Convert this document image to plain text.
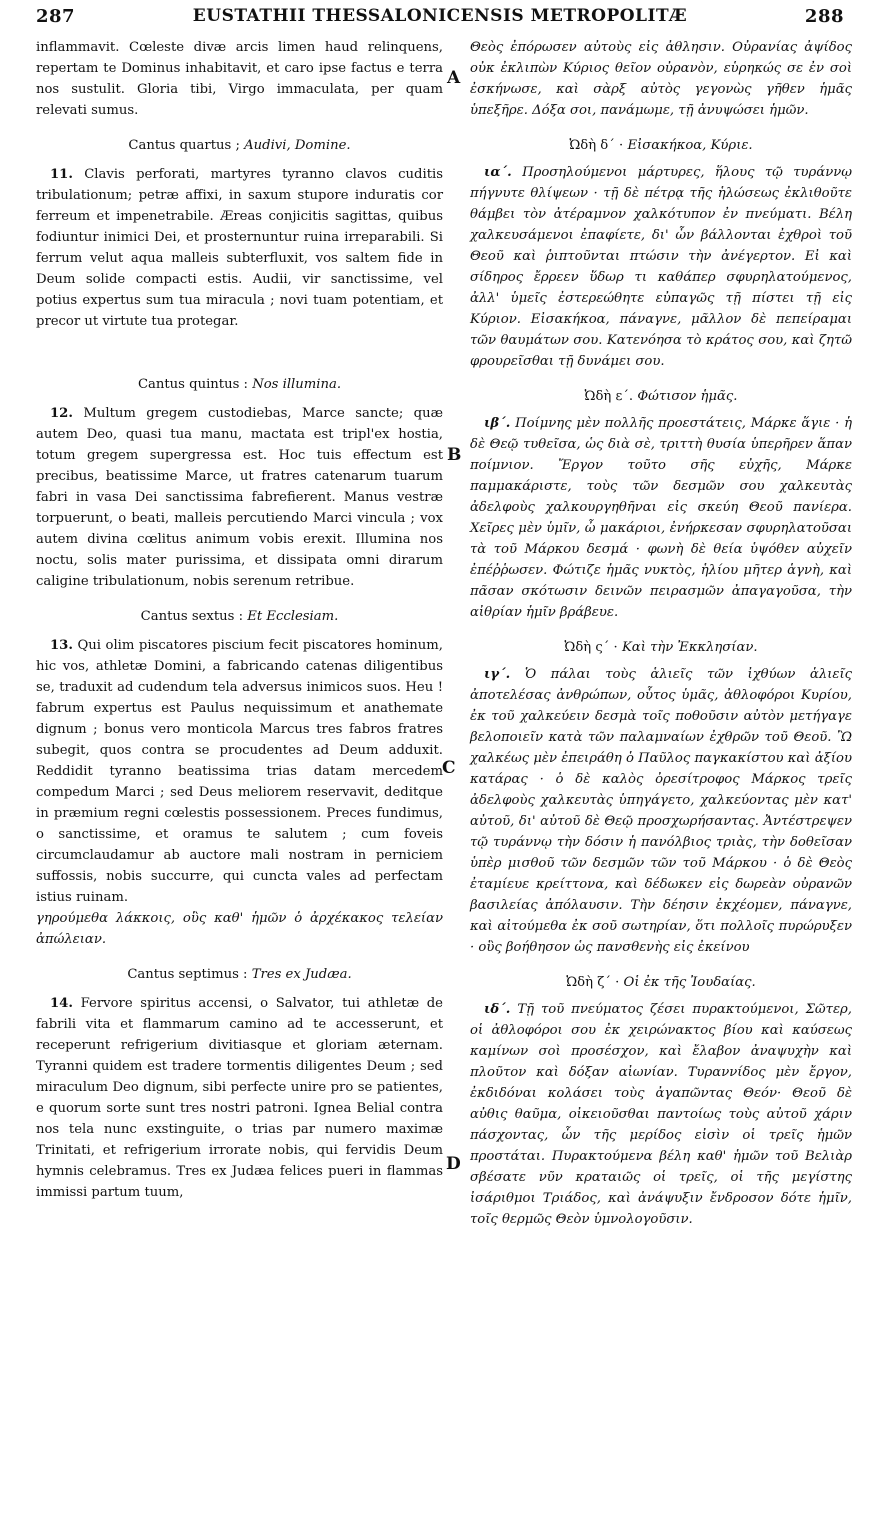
287	EUSTATHII THESSALONICENSIS METROPOLITÆ	288
A
B
C
D

inflammavit. Cœleste divæ arcis limen haud relinquens, repertam te Dominus inhabitavit, et caro ipse factus e terra nos sustulit. Gloria tibi, Virgo immaculata, per quam relevati sumus.

Cantus quartus ; Audivi, Domine.

11. Clavis perforati, martyres tyranno clavos cuditis tribulationum; petræ affixi, in saxum stupore induratis cor ferreum et impenetrabile. Æreas conjicitis sagittas, quibus fodiuntur inimici Dei, et prosternuntur ruina irreparabili. Si ferrum velut aqua malleis subterfluxit, vos saltem fide in Deum solide compacti estis. Audii, vir sanctissime, vel potius expertus sum tua miracula ; novi tuam potentiam, et precor ut virtute tua protegar.

Cantus quintus : Nos illumina.

12. Multum gregem custodiebas, Marce sancte; quæ autem Deo, quasi tua manu, mactata est tripl'ex hostia, totum gregem supergressa est. Hoc tuis effectum est precibus, beatissime Marce, ut fratres catenarum tuarum fabri in vasa Dei sanctissima fabrefierent. Manus vestræ torpuerunt, o beati, malleis percutiendo Marci vincula ; vox autem divina cœlitus animum vobis erexit. Illumina nos noctu, solis mater purissima, et dissipata omni dirarum caligine tribulationum, nobis serenum retribue.

Cantus sextus : Et Ecclesiam.

13. Qui olim piscatores piscium fecit piscatores hominum, hic vos, athletæ Domini, a fabricando catenas diligentibus se, traduxit ad cudendum tela adversus inimicos suos. Heu ! fabrum expertus est Paulus nequissimum et anathemate dignum ; bonus vero monticola Marcus tres fabros fratres subegit, quos contra se procudentes ad Deum adduxit. Reddidit tyranno beatissima trias datam mercedem compedum Marci ; sed Deus meliorem reservavit, deditque in præmium regni cœlestis possessionem. Preces fundimus, o sanctissime, et oramus te salutem ; cum foveis circumclaudamur ab auctore mali nostram in perniciem suffossis, nobis succurre, qui cuncta vales ad perfectam istius ruinam.

γηρούμεθα λάκκοις, οὓς καθ' ἡμῶν ὁ ἀρχέκακος τελείαν ἀπώλειαν.

Cantus septimus : Tres ex Judæa.

14. Fervore spiritus accensi, o Salvator, tui athletæ de fabrili vita et flammarum camino ad te accesserunt, et receperunt refrigerium divitiasque et gloriam æternam. Tyranni quidem est tradere tormentis diligentes Deum ; sed miraculum Deo dignum, sibi perfecte unire pro se patientes, e quorum sorte sunt tres nostri patroni. Ignea Belial contra nos tela nunc exstinguite, o trias par numero maximæ Trinitati, et refrigerium irrorate nobis, qui fervidis Deum hymnis celebramus. Tres ex Judæa felices pueri in flammas immissi partum tuum,

Θεὸς ἐπόρωσεν αὐτοὺς εἰς ἀθλησιν. Οὐρανίας ἀψίδος οὐκ ἐκλιπὼν Κύριος θεῖον οὐρανὸν, εὑρηκώς σε ἐν σοὶ ἐσκήνωσε, καὶ σὰρξ αὐτὸς γεγονὼς γῆθεν ἡμᾶς ὑπεξῆρε. Δόξα σοι, πανάμωμε, τῇ ἀνυψώσει ἡμῶν.

Ὠδὴ δ΄ · Εἰσακήκοα, Κύριε.

ια΄. Προσηλούμενοι μάρτυρες, ἥλους τῷ τυράννῳ πήγνυτε θλίψεων · τῇ δὲ πέτρᾳ τῆς ἡλώσεως ἐκλιθοῦτε θάμβει τὸν ἀτέραμνον χαλκότυπον ἐν πνεύματι. Βέλη χαλκευσάμενοι ἐπαφίετε, δι' ὧν βάλλονται ἐχθροὶ τοῦ Θεοῦ καὶ ῥιπτοῦνται πτώσιν τὴν ἀνέγερτον. Εἰ καὶ σίδηρος ἔρρεεν ὕδωρ τι καθάπερ σφυρηλατούμενος, ἀλλ' ὑμεῖς ἐστερεώθητε εὐπαγῶς τῇ πίστει τῇ εἰς Κύριον. Εἰσακήκοα, πάναγνε, μᾶλλον δὲ πεπείραμαι τῶν θαυμάτων σου. Κατενόησα τὸ κράτος σου, καὶ ζητῶ φρουρεῖσθαι τῇ δυνάμει σου.

Ὠδὴ ε΄. Φώτισον ἡμᾶς.

ιβ΄. Ποίμνης μὲν πολλῆς προεστάτεις, Μάρκε ἅγιε · ἡ δὲ Θεῷ τυθεῖσα, ὡς διὰ σὲ, τριττὴ θυσία ὑπερῆρεν ἅπαν ποίμνιον. Ἔργον τοῦτο σῆς εὐχῆς, Μάρκε παμμακάριστε, τοὺς τῶν δεσμῶν σου χαλκευτὰς ἀδελφοὺς χαλκουργηθῆναι εἰς σκεύη Θεοῦ πανίερα. Χεῖρες μὲν ὑμῖν, ὦ μακάριοι, ἐνήρκεσαν σφυρηλατοῦσαι τὰ τοῦ Μάρκου δεσμά · φωνὴ δὲ θεία ὑψόθεν αὐχεῖν ἐπέῤῥωσεν. Φώτιζε ἡμᾶς νυκτὸς, ἡλίου μῆτερ ἁγνὴ, καὶ πᾶσαν σκότωσιν δεινῶν πειρασμῶν ἀπαγαγοῦσα, τὴν αἰθρίαν ἡμῖν βράβευε.

Ὠδὴ ς΄ · Καὶ τὴν Ἐκκλησίαν.

ιγ΄. Ὁ πάλαι τοὺς ἁλιεῖς τῶν ἰχθύων ἁλιεῖς ἀποτελέσας ἀνθρώπων, οὗτος ὑμᾶς, ἀθλοφόροι Κυρίου, ἐκ τοῦ χαλκεύειν δεσμὰ τοῖς ποθοῦσιν αὐτὸν μετήγαγε βελοποιεῖν κατὰ τῶν παλαμναίων ἐχθρῶν τοῦ Θεοῦ. Ὢ χαλκέως μὲν ἐπειράθη ὁ Παῦλος παγκακίστου καὶ ἀξίου κατάρας · ὁ δὲ καλὸς ὀρεσίτροφος Μάρκος τρεῖς ἀδελφοὺς χαλκευτὰς ὑπηγάγετο, χαλκεύοντας μὲν κατ' αὐτοῦ, δι' αὐτοῦ δὲ Θεῷ προσχωρήσαντας. Ἀντέστρεψεν τῷ τυράννῳ τὴν δόσιν ἡ πανόλβιος τριὰς, τὴν δοθεῖσαν ὑπὲρ μισθοῦ τῶν δεσμῶν τῶν τοῦ Μάρκου · ὁ δὲ Θεὸς ἐταμίευε κρείττονα, καὶ δέδωκεν εἰς δωρεὰν οὐρανῶν βασιλείας ἀπόλαυσιν. Τὴν δέησιν ἐκχέομεν, πάναγνε, καὶ αἰτούμεθα ἐκ σοῦ σωτηρίαν, ὅτι πολλοῖς πυρώρυξεν · οὓς βοήθησον ὡς πανσθενὴς εἰς ἐκείνου

Ὠδὴ ζ΄ · Οἱ ἐκ τῆς Ἰουδαίας.

ιδ΄. Τῇ τοῦ πνεύματος ζέσει πυρακτούμενοι, Σῶτερ, οἱ ἀθλοφόροι σου ἐκ χειρώνακτος βίου καὶ καύσεως καμίνων σοὶ προσέσχον, καὶ ἔλαβον ἀναψυχὴν καὶ πλοῦτον καὶ δόξαν αἰωνίαν. Τυραννίδος μὲν ἔργον, ἐκδιδόναι κολάσει τοὺς ἀγαπῶντας Θεόν· Θεοῦ δὲ αὐθις θαῦμα, οἰκειοῦσθαι παντοίως τοὺς αὐτοῦ χάριν πάσχοντας, ὧν τῆς μερίδος εἰσὶν οἱ τρεῖς ἡμῶν προστάται. Πυρακτούμενα βέλη καθ' ἡμῶν τοῦ Βελιὰρ σβέσατε νῦν κραταιῶς οἱ τρεῖς, οἱ τῆς μεγίστης ἰσάριθμοι Τριάδος, καὶ ἀνάψυξιν ἔνδροσον δότε ἡμῖν, τοῖς θερμῶς Θεὸν ὑμνολογοῦσιν.
